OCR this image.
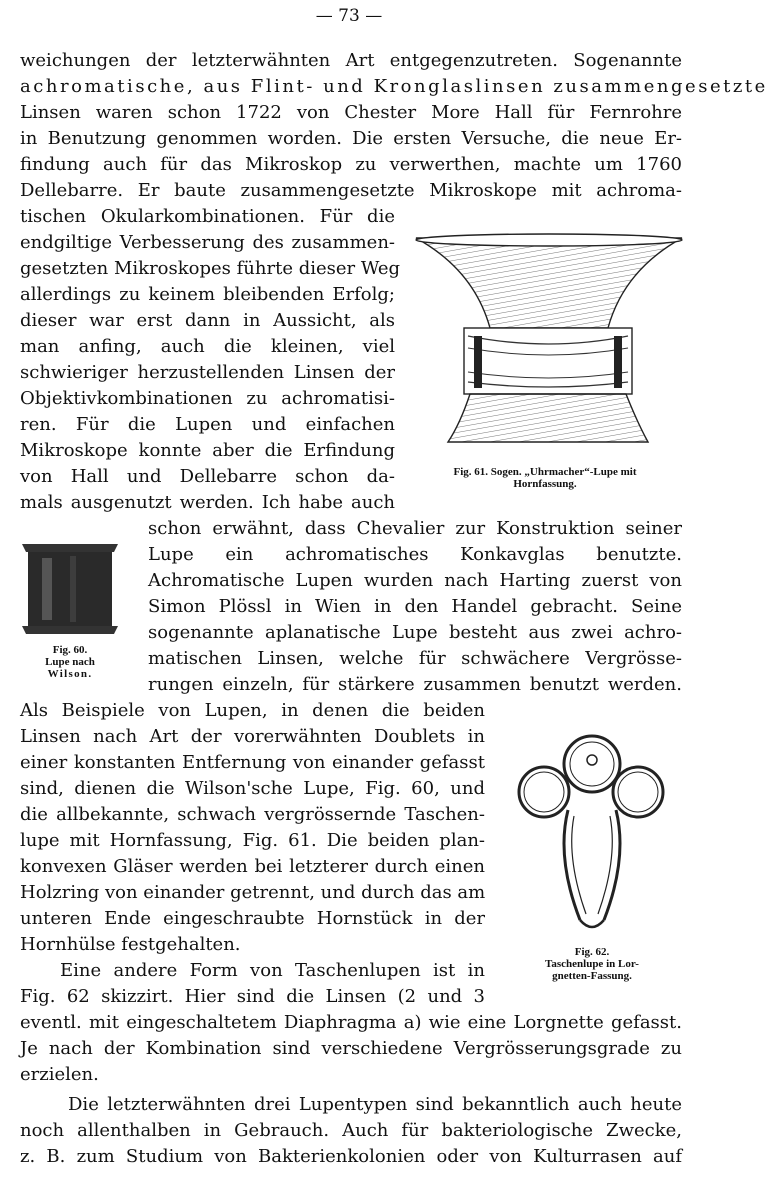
— 73 —
weichungen der letzterwähnten Art entgegenzutreten. Sogenannte
achromatische, aus Flint- und Kronglaslinsen zusammengesetzte
Linsen waren schon 1722 von Chester More Hall für Fernrohre
in Benutzung genommen worden. Die ersten Versuche, die neue Er-
findung auch für das Mikroskop zu verwerthen, machte um 1760
Dellebarre. Er baute zusammengesetzte Mikroskope mit achroma-
tischen Okularkombinationen. Für die
endgiltige Verbesserung des zusammen-
gesetzten Mikroskopes führte dieser Weg
allerdings zu keinem bleibenden Erfolg;
dieser war erst dann in Aussicht, als
man anfing, auch die kleinen, viel
schwieriger herzustellenden Linsen der
Objektivkombinationen zu achromatisi-
ren. Für die Lupen und einfachen
Mikroskope konnte aber die Erfindung
von Hall und Dellebarre schon da-
mals ausgenutzt werden. Ich habe auch
schon erwähnt, dass Chevalier zur Konstruktion seiner
Lupe ein achromatisches Konkavglas benutzte.
Achromatische Lupen wurden nach Harting zuerst von
Simon Plössl in Wien in den Handel gebracht. Seine
sogenannte aplanatische Lupe besteht aus zwei achro-
matischen Linsen, welche für schwächere Vergrösse-
rungen einzeln, für stärkere zusammen benutzt werden.
Als Beispiele von Lupen, in denen die beiden
Linsen nach Art der vorerwähnten Doublets in
einer konstanten Entfernung von einander gefasst
sind, dienen die Wilson'sche Lupe, Fig. 60, und
die allbekannte, schwach vergrössernde Taschen-
lupe mit Hornfassung, Fig. 61. Die beiden plan-
konvexen Gläser werden bei letzterer durch einen
Holzring von einander getrennt, und durch das am
unteren Ende eingeschraubte Hornstück in der
Hornhülse festgehalten.
Eine andere Form von Taschenlupen ist in
Fig. 62 skizzirt. Hier sind die Linsen (2 und 3
eventl. mit eingeschaltetem Diaphragma a) wie eine Lorgnette gefasst.
Je nach der Kombination sind verschiedene Vergrösserungsgrade zu
erzielen.
Die letzterwähnten drei Lupentypen sind bekanntlich auch heute
noch allenthalben in Gebrauch. Auch für bakteriologische Zwecke,
z. B. zum Studium von Bakterienkolonien oder von Kulturrasen auf
Fig. 61. Sogen. „Uhrmacher“-Lupe mit
Hornfassung.
Fig. 60.
Lupe nach
Wilson.
Fig. 62.
Taschenlupe in Lor-
gnetten-Fassung.
